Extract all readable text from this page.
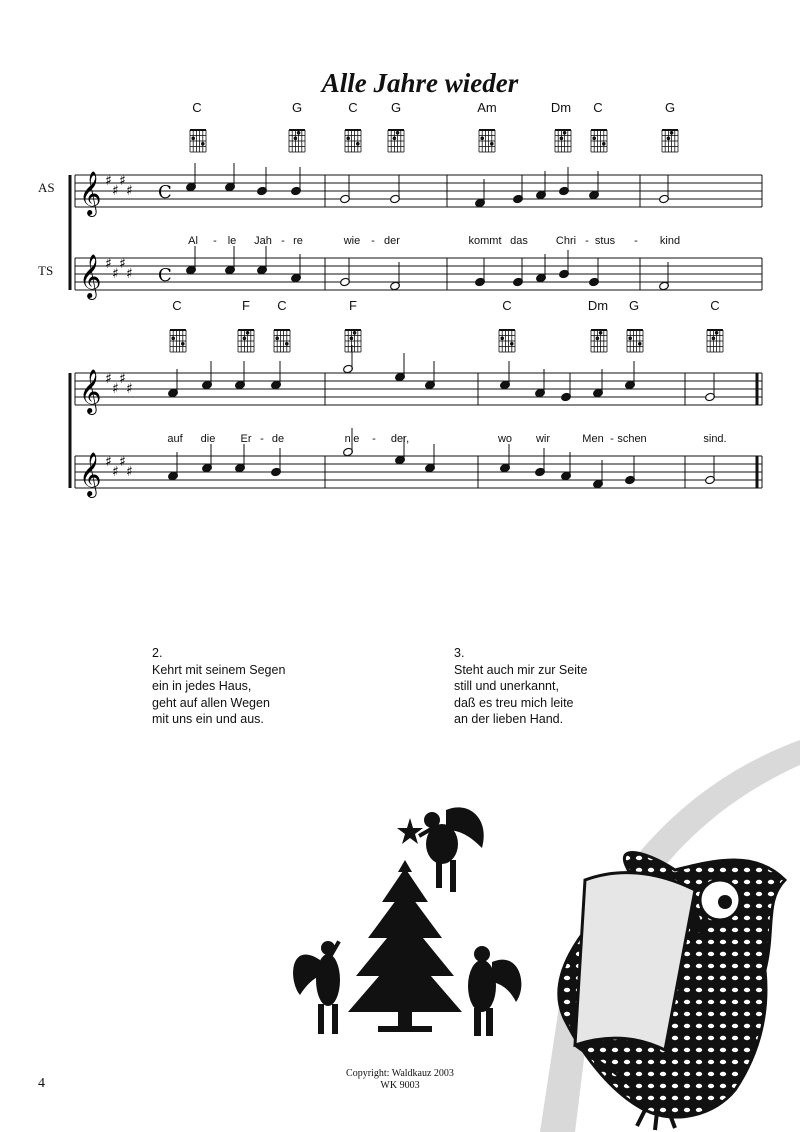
Alle Jahre wieder
C	G	C	G	Am	Dm C	G
AS
TS
Al - le Jah - re	wie - der	kommt das	Chri - stus - kind
C	F C	F	C	Dm G	C
auf die Er - de	nie - der,	wo wir	Men - schen	sind.
𝄞 ♯
♯
♯
♯
𝄞 ♯
♯
♯
♯
C
C
𝄞 ♯
♯
♯
♯
𝄞 ♯
♯
♯
♯
2.
Kehrt mit seinem Segen
ein in jedes Haus,
geht auf allen Wegen
mit uns ein und aus.
3.
Steht auch mir zur Seite
still und unerkannt,
daß es treu mich leite
an der lieben Hand.
4
Copyright: Waldkauz 2003
WK 9003
